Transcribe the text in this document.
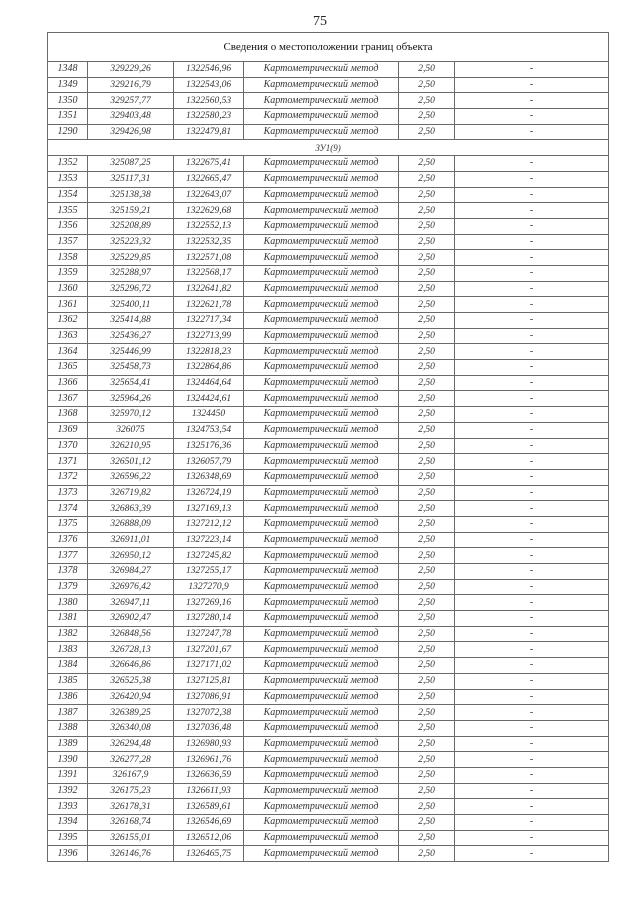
75
Сведения о местоположении границ объекта					
1348	329229,26	1322546,96	Картометрический метод	2,50	-
1349	329216,79	1322543,06	Картометрический метод	2,50	-
1350	329257,77	1322560,53	Картометрический метод	2,50	-
1351	329403,48	1322580,23	Картометрический метод	2,50	-
1290	329426,98	1322479,81	Картометрический метод	2,50	-
ЗУ1(9)					
1352	325087,25	1322675,41	Картометрический метод	2,50	-
1353	325117,31	1322665,47	Картометрический метод	2,50	-
1354	325138,38	1322643,07	Картометрический метод	2,50	-
1355	325159,21	1322629,68	Картометрический метод	2,50	-
1356	325208,89	1322552,13	Картометрический метод	2,50	-
1357	325223,32	1322532,35	Картометрический метод	2,50	-
1358	325229,85	1322571,08	Картометрический метод	2,50	-
1359	325288,97	1322568,17	Картометрический метод	2,50	-
1360	325296,72	1322641,82	Картометрический метод	2,50	-
1361	325400,11	1322621,78	Картометрический метод	2,50	-
1362	325414,88	1322717,34	Картометрический метод	2,50	-
1363	325436,27	1322713,99	Картометрический метод	2,50	-
1364	325446,99	1322818,23	Картометрический метод	2,50	-
1365	325458,73	1322864,86	Картометрический метод	2,50	-
1366	325654,41	1324464,64	Картометрический метод	2,50	-
1367	325964,26	1324424,61	Картометрический метод	2,50	-
1368	325970,12	1324450	Картометрический метод	2,50	-
1369	326075	1324753,54	Картометрический метод	2,50	-
1370	326210,95	1325176,36	Картометрический метод	2,50	-
1371	326501,12	1326057,79	Картометрический метод	2,50	-
1372	326596,22	1326348,69	Картометрический метод	2,50	-
1373	326719,82	1326724,19	Картометрический метод	2,50	-
1374	326863,39	1327169,13	Картометрический метод	2,50	-
1375	326888,09	1327212,12	Картометрический метод	2,50	-
1376	326911,01	1327223,14	Картометрический метод	2,50	-
1377	326950,12	1327245,82	Картометрический метод	2,50	-
1378	326984,27	1327255,17	Картометрический метод	2,50	-
1379	326976,42	1327270,9	Картометрический метод	2,50	-
1380	326947,11	1327269,16	Картометрический метод	2,50	-
1381	326902,47	1327280,14	Картометрический метод	2,50	-
1382	326848,56	1327247,78	Картометрический метод	2,50	-
1383	326728,13	1327201,67	Картометрический метод	2,50	-
1384	326646,86	1327171,02	Картометрический метод	2,50	-
1385	326525,38	1327125,81	Картометрический метод	2,50	-
1386	326420,94	1327086,91	Картометрический метод	2,50	-
1387	326389,25	1327072,38	Картометрический метод	2,50	-
1388	326340,08	1327036,48	Картометрический метод	2,50	-
1389	326294,48	1326980,93	Картометрический метод	2,50	-
1390	326277,28	1326961,76	Картометрический метод	2,50	-
1391	326167,9	1326636,59	Картометрический метод	2,50	-
1392	326175,23	1326611,93	Картометрический метод	2,50	-
1393	326178,31	1326589,61	Картометрический метод	2,50	-
1394	326168,74	1326546,69	Картометрический метод	2,50	-
1395	326155,01	1326512,06	Картометрический метод	2,50	-
1396	326146,76	1326465,75	Картометрический метод	2,50	-
